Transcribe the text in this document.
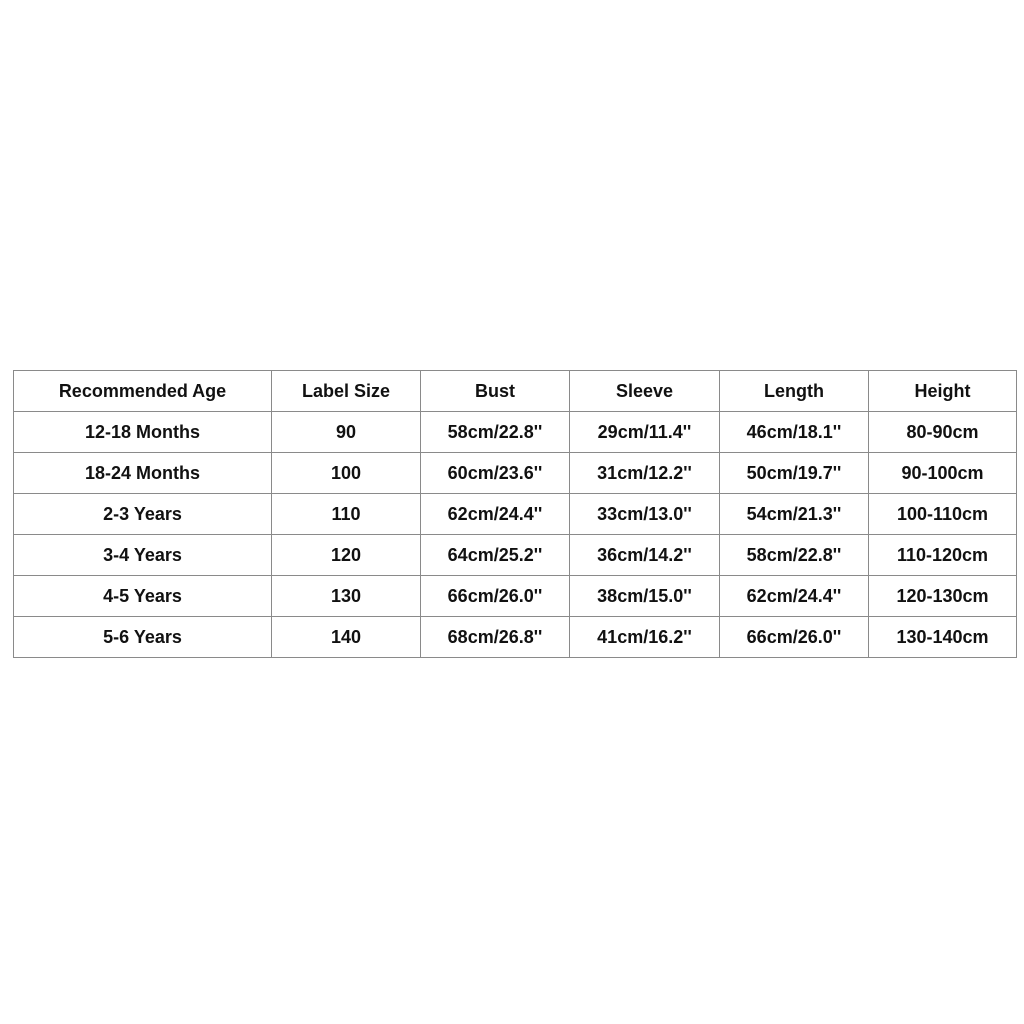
Recommended Age	Label Size	Bust	Sleeve	Length	Height
12-18 Months	90	58cm/22.8''	29cm/11.4''	46cm/18.1''	80-90cm
18-24 Months	100	60cm/23.6''	31cm/12.2''	50cm/19.7''	90-100cm
2-3 Years	110	62cm/24.4''	33cm/13.0''	54cm/21.3''	100-110cm
3-4 Years	120	64cm/25.2''	36cm/14.2''	58cm/22.8''	110-120cm
4-5 Years	130	66cm/26.0''	38cm/15.0''	62cm/24.4''	120-130cm
5-6 Years	140	68cm/26.8''	41cm/16.2''	66cm/26.0''	130-140cm
